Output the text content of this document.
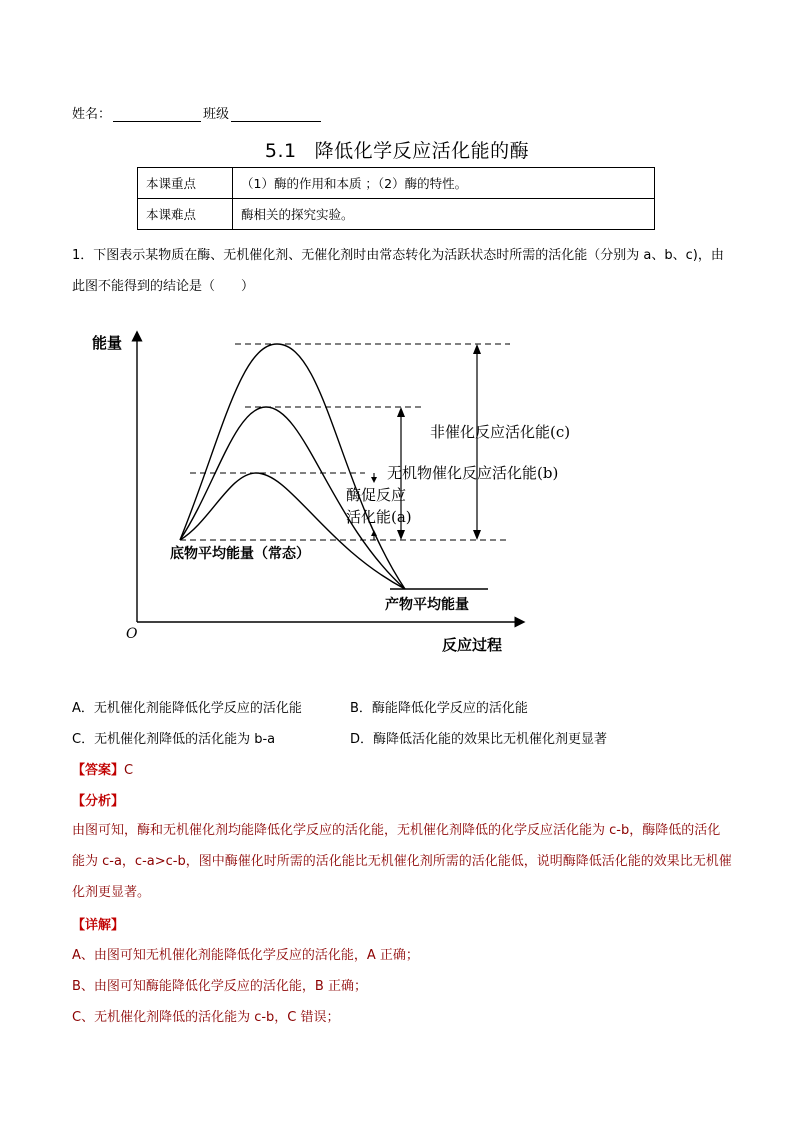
姓名：	班级
5.1 降低化学反应活化能的酶
本课重点	（1）酶的作用和本质 ；（2）酶的特性。
本课难点	酶相关的探究实验。
1．下图表示某物质在酶、无机催化剂、无催化剂时由常态转化为活跃状态时所需的活化能（分别为 a、b、c)，由此图不能得到的结论是（　　）
能量
反应过程
O
非催化反应活化能(c)
无机物催化反应活化能(b)
酶促反应
活化能(a)
底物平均能量（常态）
产物平均能量
A．无机催化剂能降低化学反应的活化能	B．酶能降低化学反应的活化能
C．无机催化剂降低的活化能为 b-a	D．酶降低活化能的效果比无机催化剂更显著
【答案】C
【分析】
由图可知，酶和无机催化剂均能降低化学反应的活化能，无机催化剂降低的化学反应活化能为 c-b，酶降低的活化能为 c-a，c-a>c-b，图中酶催化时所需的活化能比无机催化剂所需的活化能低，说明酶降低活化能的效果比无机催化剂更显著。
【详解】
A、由图可知无机催化剂能降低化学反应的活化能，A 正确；
B、由图可知酶能降低化学反应的活化能，B 正确；
C、无机催化剂降低的活化能为 c-b，C 错误；
